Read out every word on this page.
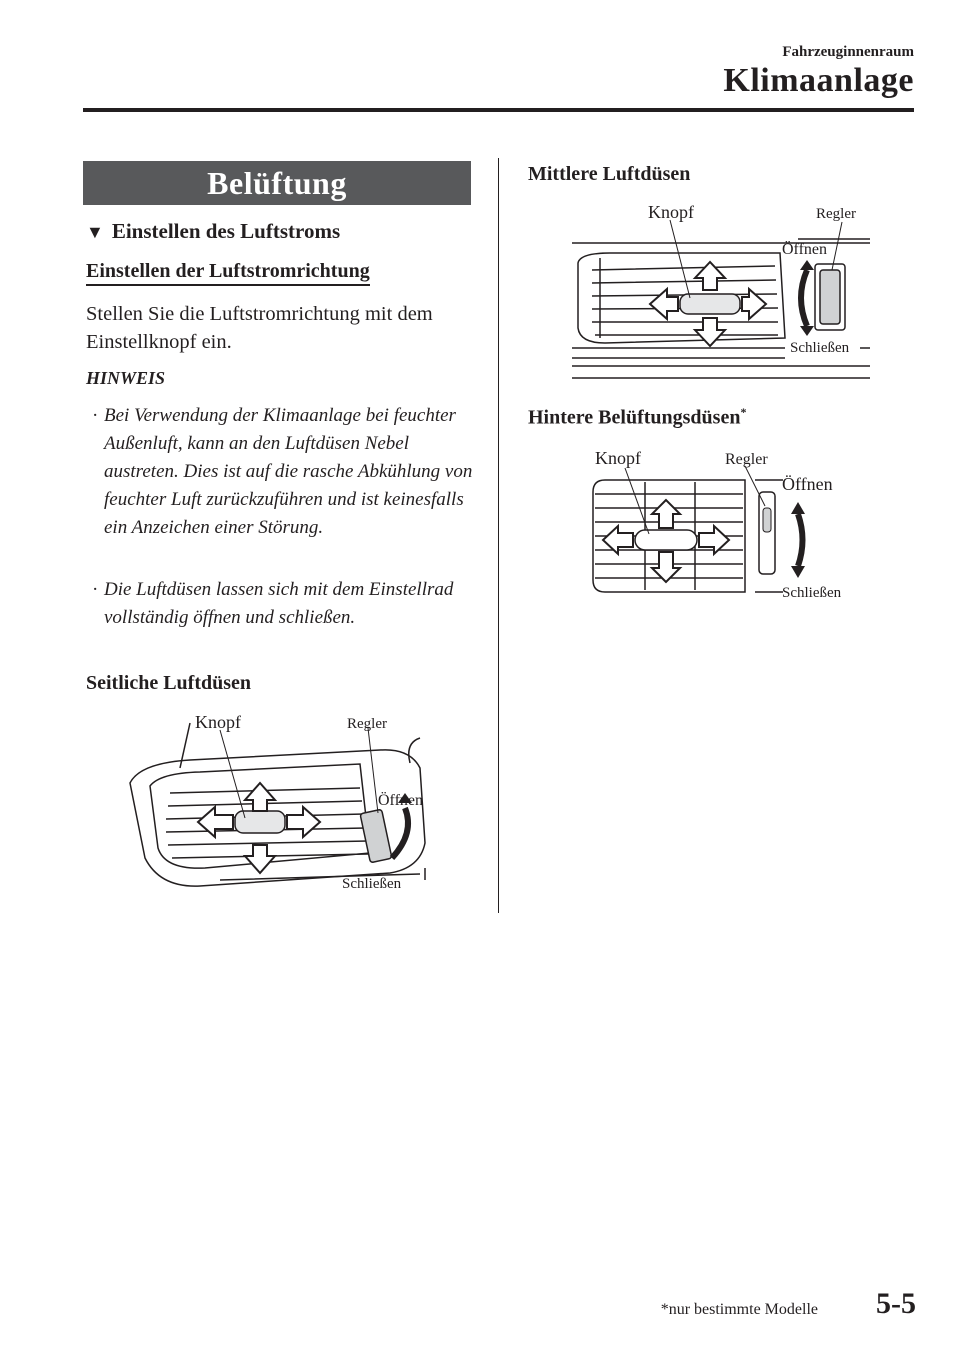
Fahrzeuginnenraum
Klimaanlage
Belüftung
▼ Einstellen des Luftstroms
Einstellen der Luftstromrichtung
Stellen Sie die Luftstromrichtung mit dem Einstellknopf ein.
HINWEIS
· Bei Verwendung der Klimaanlage bei feuchter Außenluft, kann an den Luftdüsen Nebel austreten. Dies ist auf die rasche Abkühlung von feuchter Luft zurückzuführen und ist keinesfalls ein Anzeichen einer Störung.
· Die Luftdüsen lassen sich mit dem Einstellrad vollständig öffnen und schließen.
Seitliche Luftdüsen
Knopf	Regler
Öffnen
Schließen
Mittlere Luftdüsen
Knopf	Regler
Öffnen
Schließen
Hintere Belüftungsdüsen*
Knopf	Regler
Öffnen
Schließen
*nur bestimmte Modelle 5-5
